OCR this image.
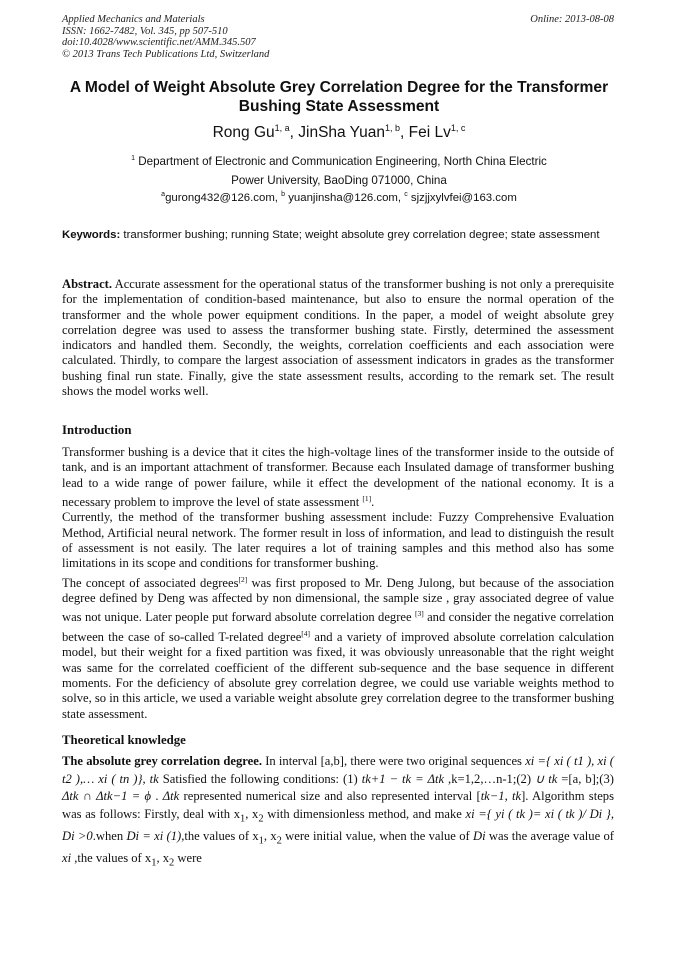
Applied Mechanics and Materials
ISSN: 1662-7482, Vol. 345, pp 507-510
doi:10.4028/www.scientific.net/AMM.345.507
© 2013 Trans Tech Publications Ltd, Switzerland
Online: 2013-08-08
A Model of Weight Absolute Grey Correlation Degree for the Transformer Bushing State Assessment
Rong Gu$^{1, a}$, JinSha Yuan$^{1, b}$, Fei Lv$^{1, c}$
$^1$ Department of Electronic and Communication Engineering, North China Electric
Power University, BaoDing 071000, China
$^a$gurong432@126.com, $^b$ yuanjinsha@126.com, $^c$ sjzjjxylvfei@163.com
Keywords: transformer bushing; running State; weight absolute grey correlation degree; state assessment

Abstract. Accurate assessment for the operational status of the transformer bushing is not only a prerequisite for the implementation of condition-based maintenance, but also to ensure the normal operation of the transformer and the whole power equipment conditions. In the paper, a model of weight absolute grey correlation degree was used to assess the transformer bushing state. Firstly, determined the assessment indicators and handled them. Secondly, the weights, correlation coefficients and each association were calculated. Thirdly, to compare the largest association of assessment indicators in grades as the transformer bushing final run state. Finally, give the state assessment results, according to the remark set. The result shows the model works well.

Introduction

Transformer bushing is a device that it cites the high-voltage lines of the transformer inside to the outside of tank, and is an important attachment of transformer. Because each Insulated damage of transformer bushing lead to a wide range of power failure, while it effect the development of the national economy. It is a necessary problem to improve the level of state assessment [1].

Currently, the method of the transformer bushing assessment include: Fuzzy Comprehensive Evaluation Method, Artificial neural network. The former result in loss of information, and lead to distinguish the result of assessment is not easily. The later requires a lot of training samples and this method also has some limitations in its scope and conditions for transformer bushing.

The concept of associated degrees[2] was first proposed to Mr. Deng Julong, but because of the association degree defined by Deng was affected by non dimensional, the sample size , gray associated degree of value was not unique. Later people put forward absolute correlation degree [3] and consider the negative correlation between the case of so-called T-related degree[4] and a variety of improved absolute correlation calculation model, but their weight for a fixed partition was fixed, it was obviously unreasonable that the right weight was same for the correlated coefficient of the different sub-sequence and the base sequence in different moments. For the deficiency of absolute grey correlation degree, we could use variable weights method to solve, so in this article, we used a variable weight absolute grey correlation degree to the transformer bushing state assessment.

Theoretical knowledge

The absolute grey correlation degree. In interval [a,b], there were two original sequences xi ={ xi ( t1 ), xi ( t2 ),… xi ( tn )}, tk Satisfied the following conditions: (1) tk+1 − tk = Δtk ,k=1,2,…n-1;(2) ∪ tk =[a, b];(3) Δtk ∩ Δtk−1 = ϕ . Δtk represented numerical size and also represented interval [tk−1, tk]. Algorithm steps was as follows: Firstly, deal with $x_1$, $x_2$ with dimensionless method, and make xi ={ yi ( tk )= xi ( tk )/ Di }, Di >0.when Di = xi (1),the values of $x_1$, $x_2$ were initial value, when the value of Di was the average value of xi ,the values of $x_1$, $x_2$ were
